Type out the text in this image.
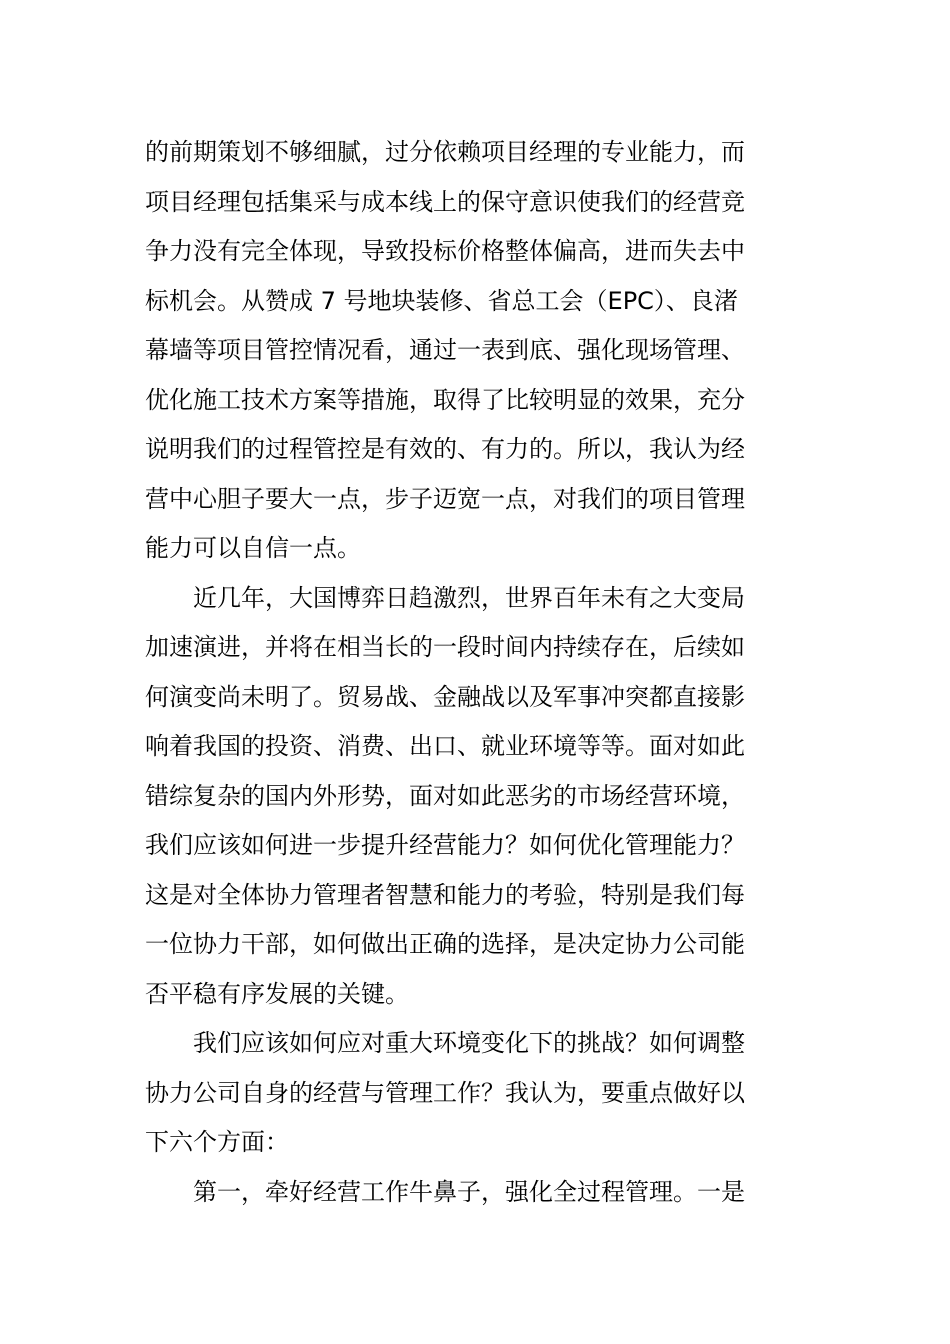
的前期策划不够细腻，过分依赖项目经理的专业能力，而
项目经理包括集采与成本线上的保守意识使我们的经营竞
争力没有完全体现，导致投标价格整体偏高，进而失去中
标机会。从赞成 7 号地块装修、省总工会（EPC）、良渚
幕墙等项目管控情况看，通过一表到底、强化现场管理、
优化施工技术方案等措施，取得了比较明显的效果，充分
说明我们的过程管控是有效的、有力的。所以，我认为经
营中心胆子要大一点，步子迈宽一点，对我们的项目管理
能力可以自信一点。
近几年，大国博弈日趋激烈，世界百年未有之大变局
加速演进，并将在相当长的一段时间内持续存在，后续如
何演变尚未明了。贸易战、金融战以及军事冲突都直接影
响着我国的投资、消费、出口、就业环境等等。面对如此
错综复杂的国内外形势，面对如此恶劣的市场经营环境，
我们应该如何进一步提升经营能力？如何优化管理能力？
这是对全体协力管理者智慧和能力的考验，特别是我们每
一位协力干部，如何做出正确的选择，是决定协力公司能
否平稳有序发展的关键。
我们应该如何应对重大环境变化下的挑战？如何调整
协力公司自身的经营与管理工作？我认为，要重点做好以
下六个方面：
第一，牵好经营工作牛鼻子，强化全过程管理。一是
